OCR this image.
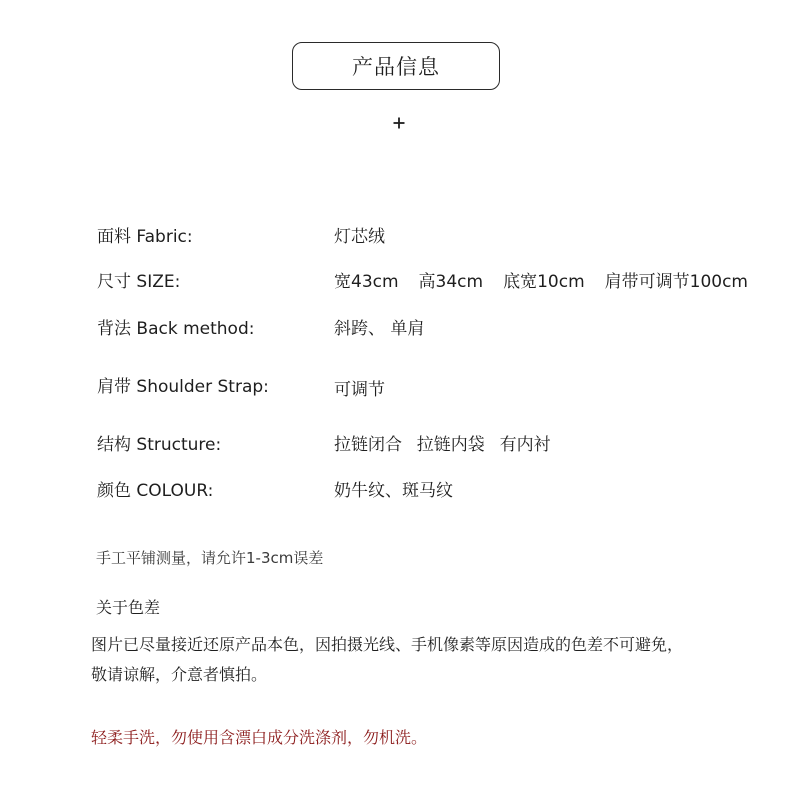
产品信息
面料 Fabric:	灯芯绒
尺寸 SIZE:	宽43cm 高34cm 底宽10cm 肩带可调节100cm
背法 Back method:	斜跨、 单肩
肩带 Shoulder Strap:	可调节
结构 Structure:	拉链闭合  拉链内袋  有内衬
颜色 COLOUR:	奶牛纹、斑马纹
手工平铺测量，请允许1-3cm误差
关于色差
图片已尽量接近还原产品本色，因拍摄光线、手机像素等原因造成的色差不可避免，
敬请谅解，介意者慎拍。
轻柔手洗，勿使用含漂白成分洗涤剂，勿机洗。
